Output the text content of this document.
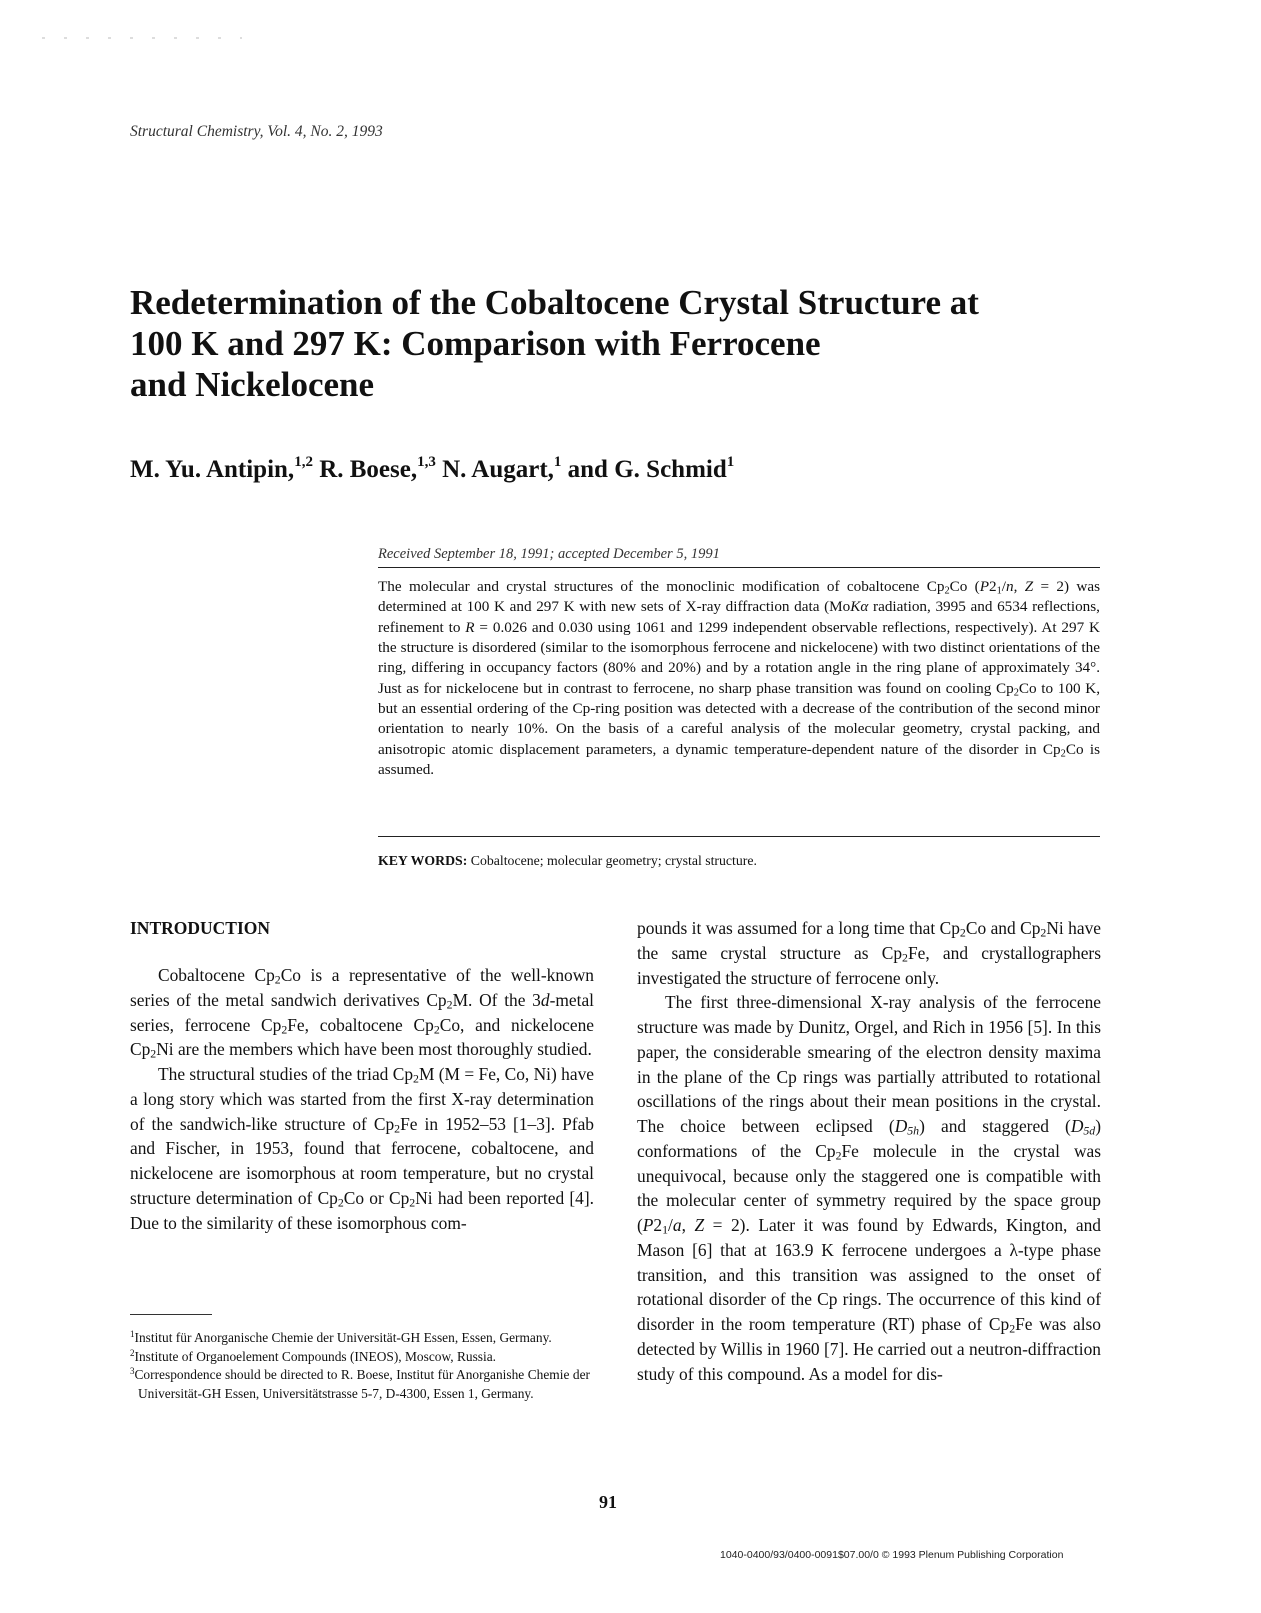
Structural Chemistry, Vol. 4, No. 2, 1993
Redetermination of the Cobaltocene Crystal Structure at
100 K and 297 K: Comparison with Ferrocene
and Nickelocene
M. Yu. Antipin,$^{1,2}$ R. Boese,$^{1,3}$ N. Augart,$^1$ and G. Schmid$^1$
Received September 18, 1991; accepted December 5, 1991

The molecular and crystal structures of the monoclinic modification of cobaltocene $Cp_2Co$ ($P2_1/n$, Z = 2) was determined at 100 K and 297 K with new sets of X-ray diffraction data (MoKα radiation, 3995 and 6534 reflections, refinement to R = 0.026 and 0.030 using 1061 and 1299 independent observable reflections, respectively). At 297 K the structure is disordered (similar to the isomorphous ferrocene and nickelocene) with two distinct orientations of the ring, differing in occupancy factors (80% and 20%) and by a rotation angle in the ring plane of approximately 34°. Just as for nickelocene but in contrast to ferrocene, no sharp phase transition was found on cooling $Cp_2Co$ to 100 K, but an essential ordering of the Cp-ring position was detected with a decrease of the contribution of the second minor orientation to nearly 10%. On the basis of a careful analysis of the molecular geometry, crystal packing, and anisotropic atomic displacement parameters, a dynamic temperature-dependent nature of the disorder in $Cp_2Co$ is assumed.

KEY WORDS: Cobaltocene; molecular geometry; crystal structure.
INTRODUCTION

Cobaltocene $Cp_2Co$ is a representative of the well-known series of the metal sandwich derivatives $Cp_2M$. Of the 3d-metal series, ferrocene $Cp_2Fe$, cobaltocene $Cp_2Co$, and nickelocene $Cp_2Ni$ are the members which have been most thoroughly studied.

The structural studies of the triad $Cp_2M$ (M = Fe, Co, Ni) have a long story which was started from the first X-ray determination of the sandwich-like structure of $Cp_2Fe$ in 1952–53 [1–3]. Pfab and Fischer, in 1953, found that ferrocene, cobaltocene, and nickelocene are isomorphous at room temperature, but no crystal structure determination of $Cp_2Co$ or $Cp_2Ni$ had been reported [4]. Due to the similarity of these isomorphous com-

pounds it was assumed for a long time that $Cp_2Co$ and $Cp_2Ni$ have the same crystal structure as $Cp_2Fe$, and crystallographers investigated the structure of ferrocene only.

The first three-dimensional X-ray analysis of the ferrocene structure was made by Dunitz, Orgel, and Rich in 1956 [5]. In this paper, the considerable smearing of the electron density maxima in the plane of the Cp rings was partially attributed to rotational oscillations of the rings about their mean positions in the crystal. The choice between eclipsed $(D_{5h})$ and staggered $(D_{5d})$ conformations of the $Cp_2Fe$ molecule in the crystal was unequivocal, because only the staggered one is compatible with the molecular center of symmetry required by the space group ($P2_1/a$, Z = 2). Later it was found by Edwards, Kington, and Mason [6] that at 163.9 K ferrocene undergoes a λ-type phase transition, and this transition was assigned to the onset of rotational disorder of the Cp rings. The occurrence of this kind of disorder in the room temperature (RT) phase of $Cp_2Fe$ was also detected by Willis in 1960 [7]. He carried out a neutron-diffraction study of this compound. As a model for dis-

$^1$Institut für Anorganische Chemie der Universität-GH Essen, Essen, Germany.

$^2$Institute of Organoelement Compounds (INEOS), Moscow, Russia.

$^3$Correspondence should be directed to R. Boese, Institut für Anorganishe Chemie der Universität-GH Essen, Universitätstrasse 5-7, D-4300, Essen 1, Germany.

91
1040-0400/93/0400-0091$07.00/0 © 1993 Plenum Publishing Corporation
